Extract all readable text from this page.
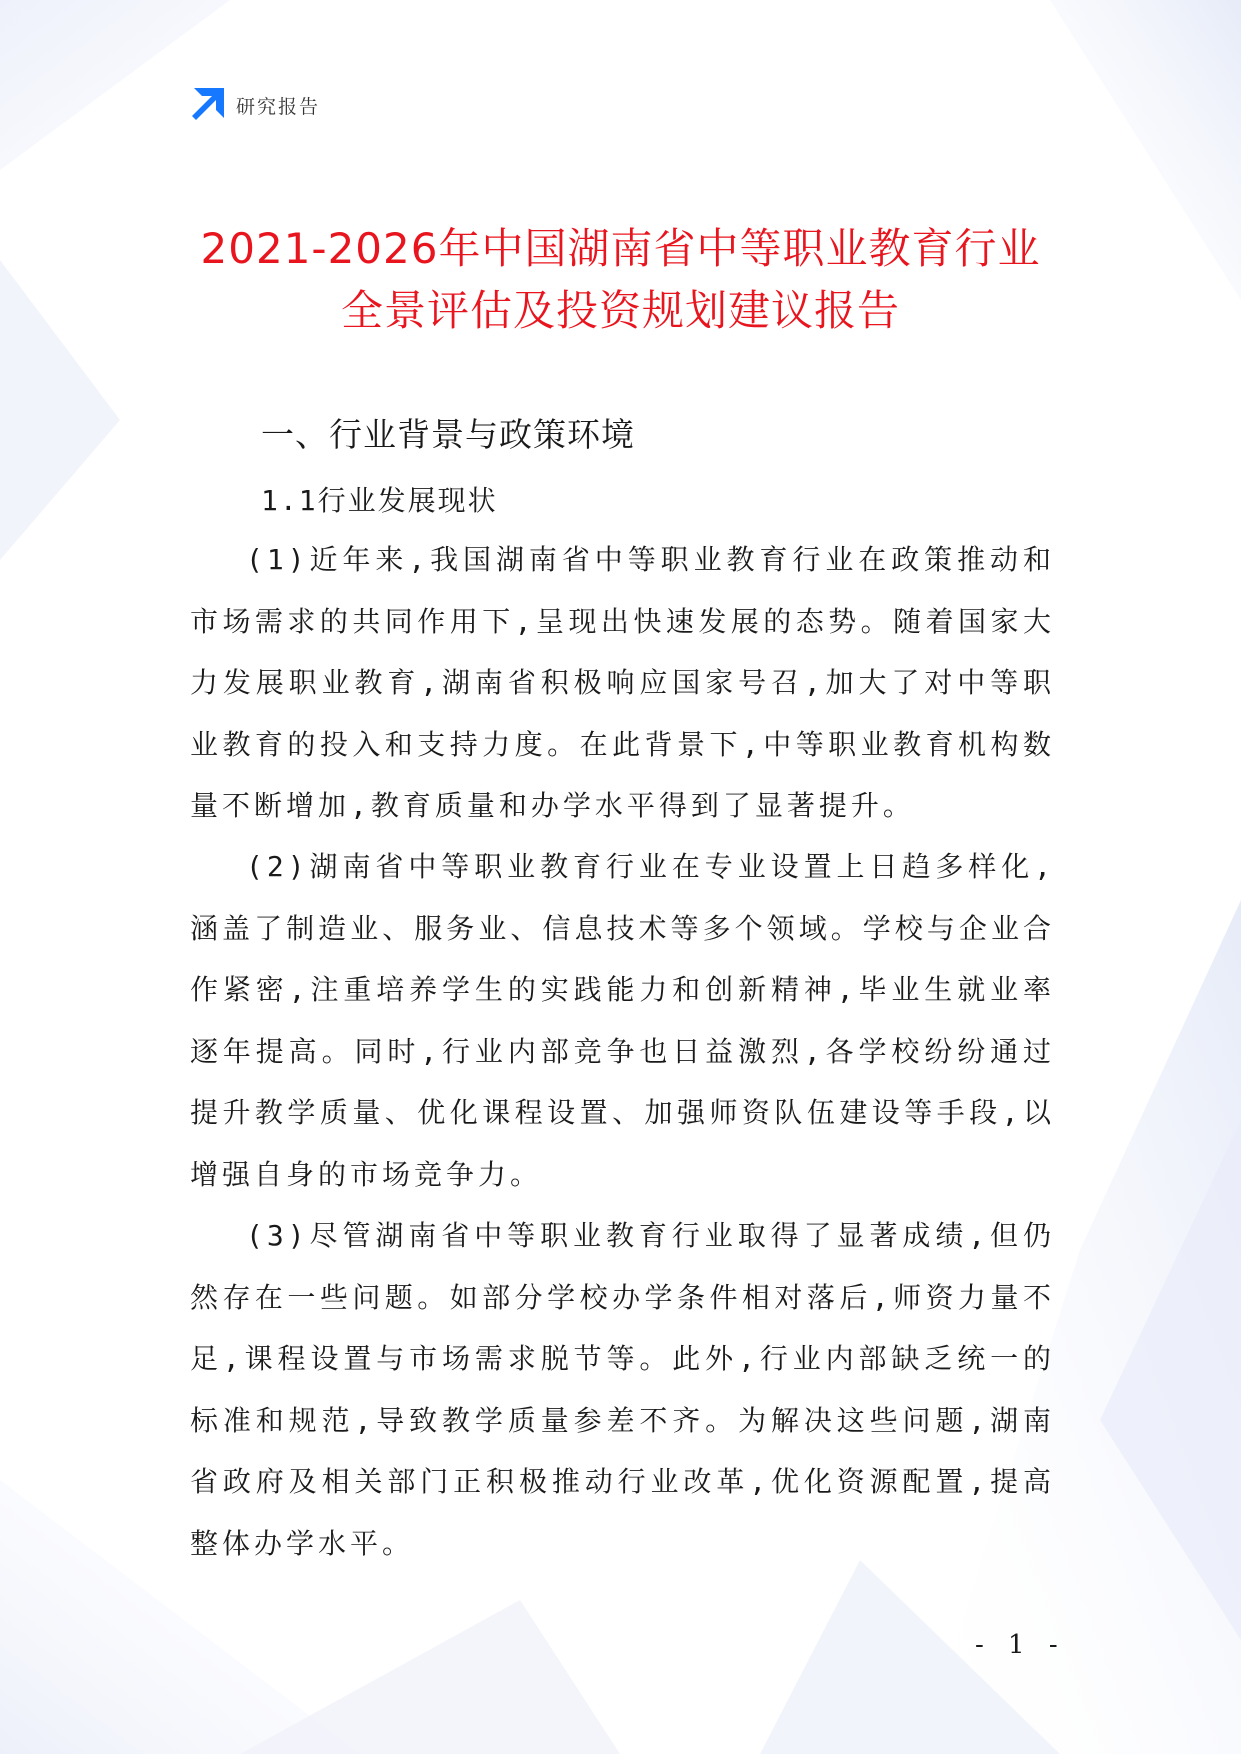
研究报告
2021-2026年中国湖南省中等职业教育行业
全景评估及投资规划建议报告
一、行业背景与政策环境
1.1行业发展现状

(1)近年来,我国湖南省中等职业教育行业在政策推动和市场需求的共同作用下,呈现出快速发展的态势。随着国家大力发展职业教育,湖南省积极响应国家号召,加大了对中等职业教育的投入和支持力度。在此背景下,中等职业教育机构数量不断增加,教育质量和办学水平得到了显著提升。

(2)湖南省中等职业教育行业在专业设置上日趋多样化,涵盖了制造业、服务业、信息技术等多个领域。学校与企业合作紧密,注重培养学生的实践能力和创新精神,毕业生就业率逐年提高。同时,行业内部竞争也日益激烈,各学校纷纷通过提升教学质量、优化课程设置、加强师资队伍建设等手段,以增强自身的市场竞争力。

(3)尽管湖南省中等职业教育行业取得了显著成绩,但仍然存在一些问题。如部分学校办学条件相对落后,师资力量不足,课程设置与市场需求脱节等。此外,行业内部缺乏统一的标准和规范,导致教学质量参差不齐。为解决这些问题,湖南省政府及相关部门正积极推动行业改革,优化资源配置,提高整体办学水平。

- 1 -
